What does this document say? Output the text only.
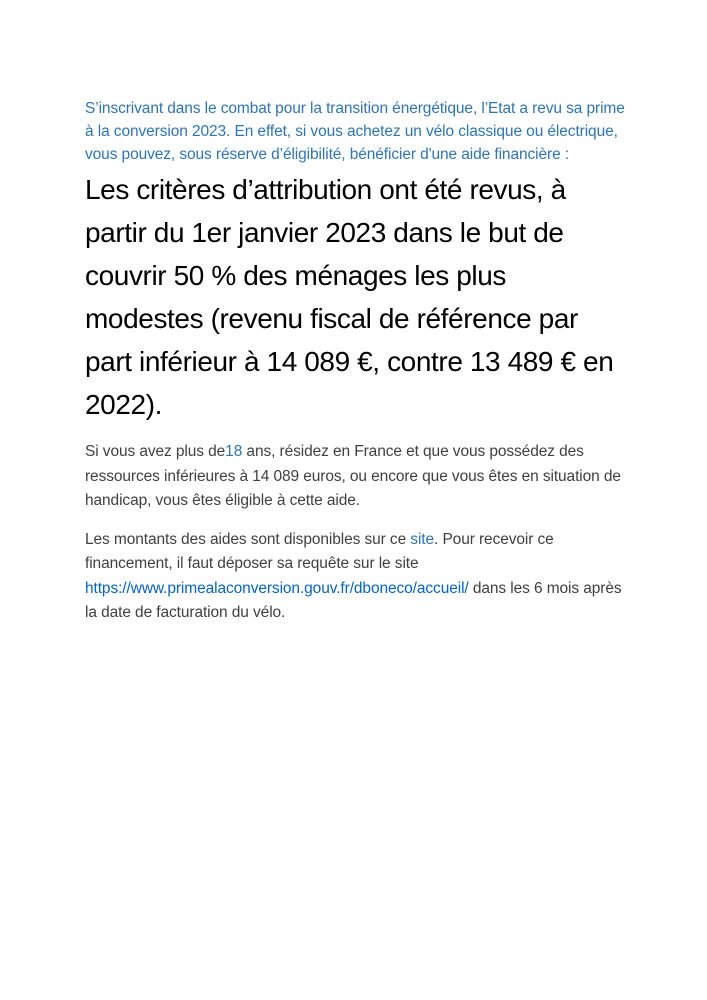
S’inscrivant dans le combat pour la transition énergétique, l’Etat a revu sa prime à la conversion 2023. En effet, si vous achetez un vélo classique ou électrique, vous pouvez, sous réserve d’éligibilité, bénéficier d'une aide financière :

Les critères d’attribution ont été revus, à partir du 1er janvier 2023 dans le but de couvrir 50 % des ménages les plus modestes (revenu fiscal de référence par part inférieur à 14 089 €, contre 13 489 € en 2022).

Si vous avez plus de18 ans, résidez en France et que vous possédez des ressources inférieures à 14 089 euros, ou encore que vous êtes en situation de handicap, vous êtes éligible à cette aide.

Les montants des aides sont disponibles sur ce site. Pour recevoir ce financement, il faut déposer sa requête sur le site https://www.primealaconversion.gouv.fr/dboneco/accueil/ dans les 6 mois après la date de facturation du vélo.
